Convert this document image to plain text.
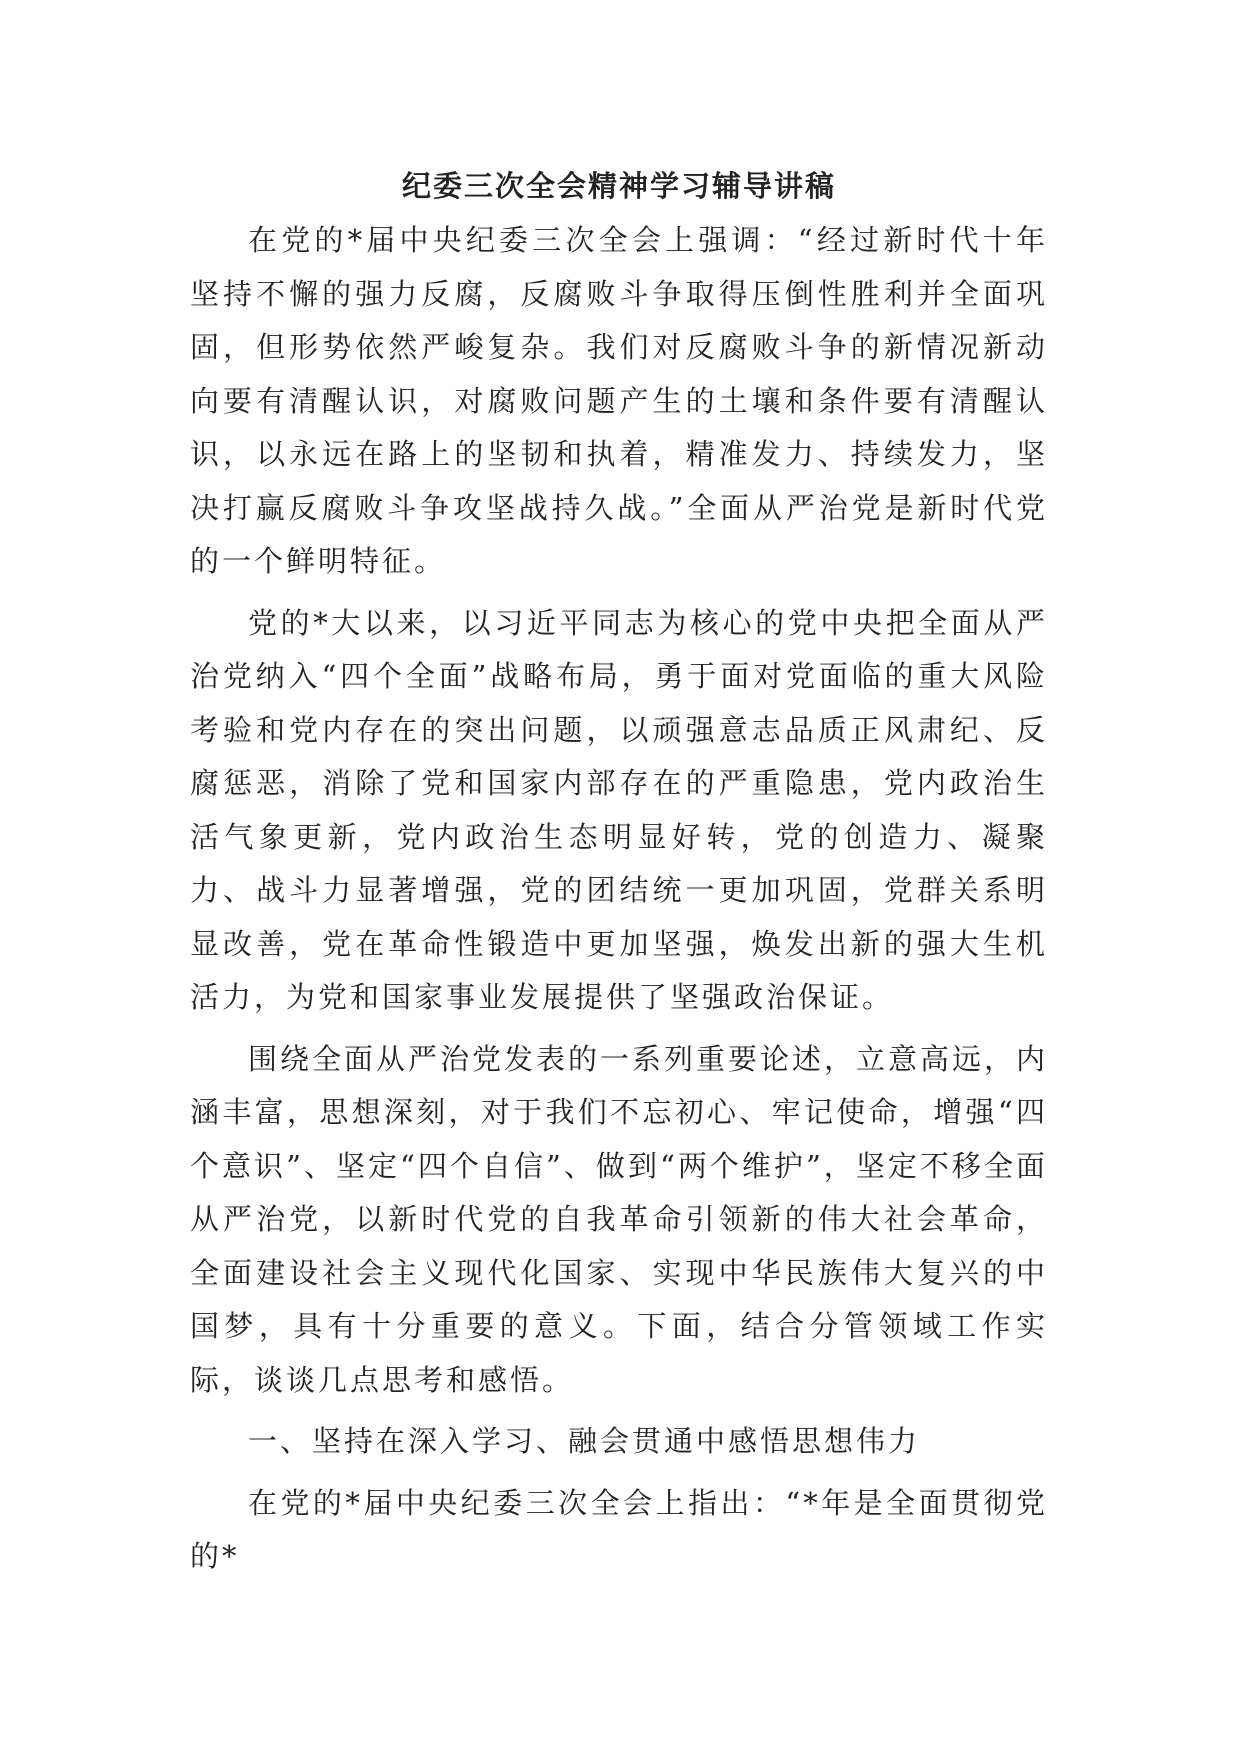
纪委三次全会精神学习辅导讲稿

在党的*届中央纪委三次全会上强调：“经过新时代十年坚持不懈的强力反腐，反腐败斗争取得压倒性胜利并全面巩固，但形势依然严峻复杂。我们对反腐败斗争的新情况新动向要有清醒认识，对腐败问题产生的土壤和条件要有清醒认识，以永远在路上的坚韧和执着，精准发力、持续发力，坚决打赢反腐败斗争攻坚战持久战。”全面从严治党是新时代党的一个鲜明特征。

党的*大以来，以习近平同志为核心的党中央把全面从严治党纳入“四个全面”战略布局，勇于面对党面临的重大风险考验和党内存在的突出问题，以顽强意志品质正风肃纪、反腐惩恶，消除了党和国家内部存在的严重隐患，党内政治生活气象更新，党内政治生态明显好转，党的创造力、凝聚力、战斗力显著增强，党的团结统一更加巩固，党群关系明显改善，党在革命性锻造中更加坚强，焕发出新的强大生机活力，为党和国家事业发展提供了坚强政治保证。

围绕全面从严治党发表的一系列重要论述，立意高远，内涵丰富，思想深刻，对于我们不忘初心、牢记使命，增强“四个意识”、坚定“四个自信”、做到“两个维护”，坚定不移全面从严治党，以新时代党的自我革命引领新的伟大社会革命，全面建设社会主义现代化国家、实现中华民族伟大复兴的中国梦，具有十分重要的意义。下面，结合分管领域工作实际，谈谈几点思考和感悟。

一、坚持在深入学习、融会贯通中感悟思想伟力

在党的*届中央纪委三次全会上指出：“*年是全面贯彻党的*
